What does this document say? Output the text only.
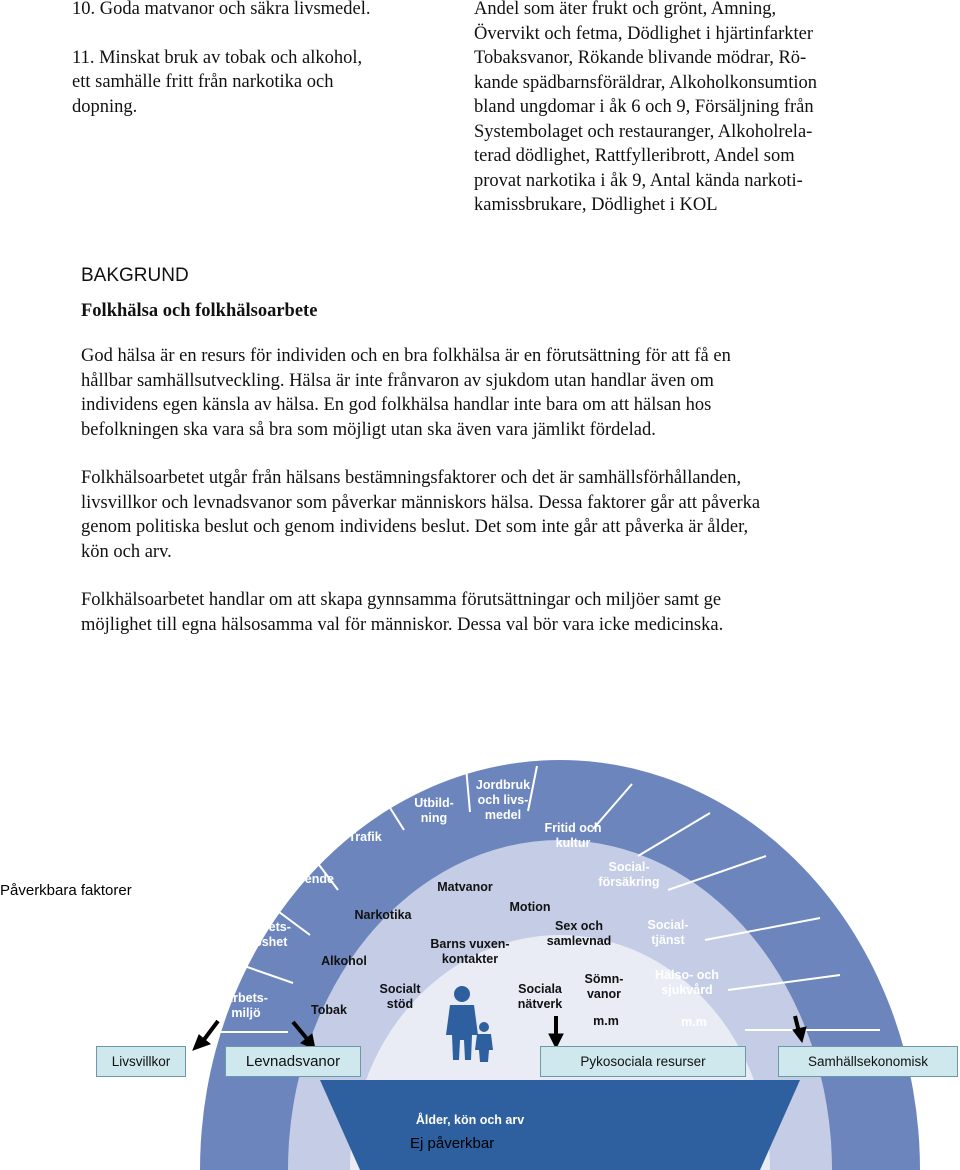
10. Goda matvanor och säkra livsmedel.
11. Minskat bruk av tobak och alkohol,
ett samhälle fritt från narkotika och
dopning.
Andel som äter frukt och grönt, Amning,
Övervikt och fetma, Dödlighet i hjärtinfarkter
Tobaksvanor, Rökande blivande mödrar, Rö-
kande spädbarnsföräldrar, Alkoholkonsumtion
bland ungdomar i åk 6 och 9, Försäljning från
Systembolaget och restauranger, Alkoholrela-
terad dödlighet, Rattfylleribrott, Andel som
provat narkotika i åk 9, Antal kända narkoti-
kamissbrukare, Dödlighet i KOL
BAKGRUND
Folkhälsa och folkhälsoarbete
God hälsa är en resurs för individen och en bra folkhälsa är en förutsättning för att få en
hållbar samhällsutveckling. Hälsa är inte frånvaron av sjukdom utan handlar även om
individens egen känsla av hälsa. En god folkhälsa handlar inte bara om att hälsan hos
befolkningen ska vara så bra som möjligt utan ska även vara jämlikt fördelad.
Folkhälsoarbetet utgår från hälsans bestämningsfaktorer och det är samhällsförhållanden,
livsvillkor och levnadsvanor som påverkar människors hälsa. Dessa faktorer går att påverka
genom politiska beslut och genom individens beslut. Det som inte går att påverka är ålder,
kön och arv.
Folkhälsoarbetet handlar om att skapa gynnsamma förutsättningar och miljöer samt ge
möjlighet till egna hälsosamma val för människor. Dessa val bör vara icke medicinska.
Miljö
Samhällsekonomiska strategier
Arbets-
miljö
Arbets-
löshet
Boende
Trafik
Utbild-
ning
Jordbruk
och livs-
medel
Fritid och
kultur
Social-
försäkring
Social-
tjänst
Hälso- och
sjukvård
m.m
Tobak
Alkohol
Narkotika
Matvanor
Motion
Sex och
samlevnad
Sömn-
vanor
m.m
Socialt
stöd
Barns vuxen-
kontakter
Sociala
nätverk
Ålder, kön och arv
Påverkbara faktorer
Ej påverkbar
Livsvillkor	Levnadsvanor	Pykosociala resurser	Samhällsekonomisk
